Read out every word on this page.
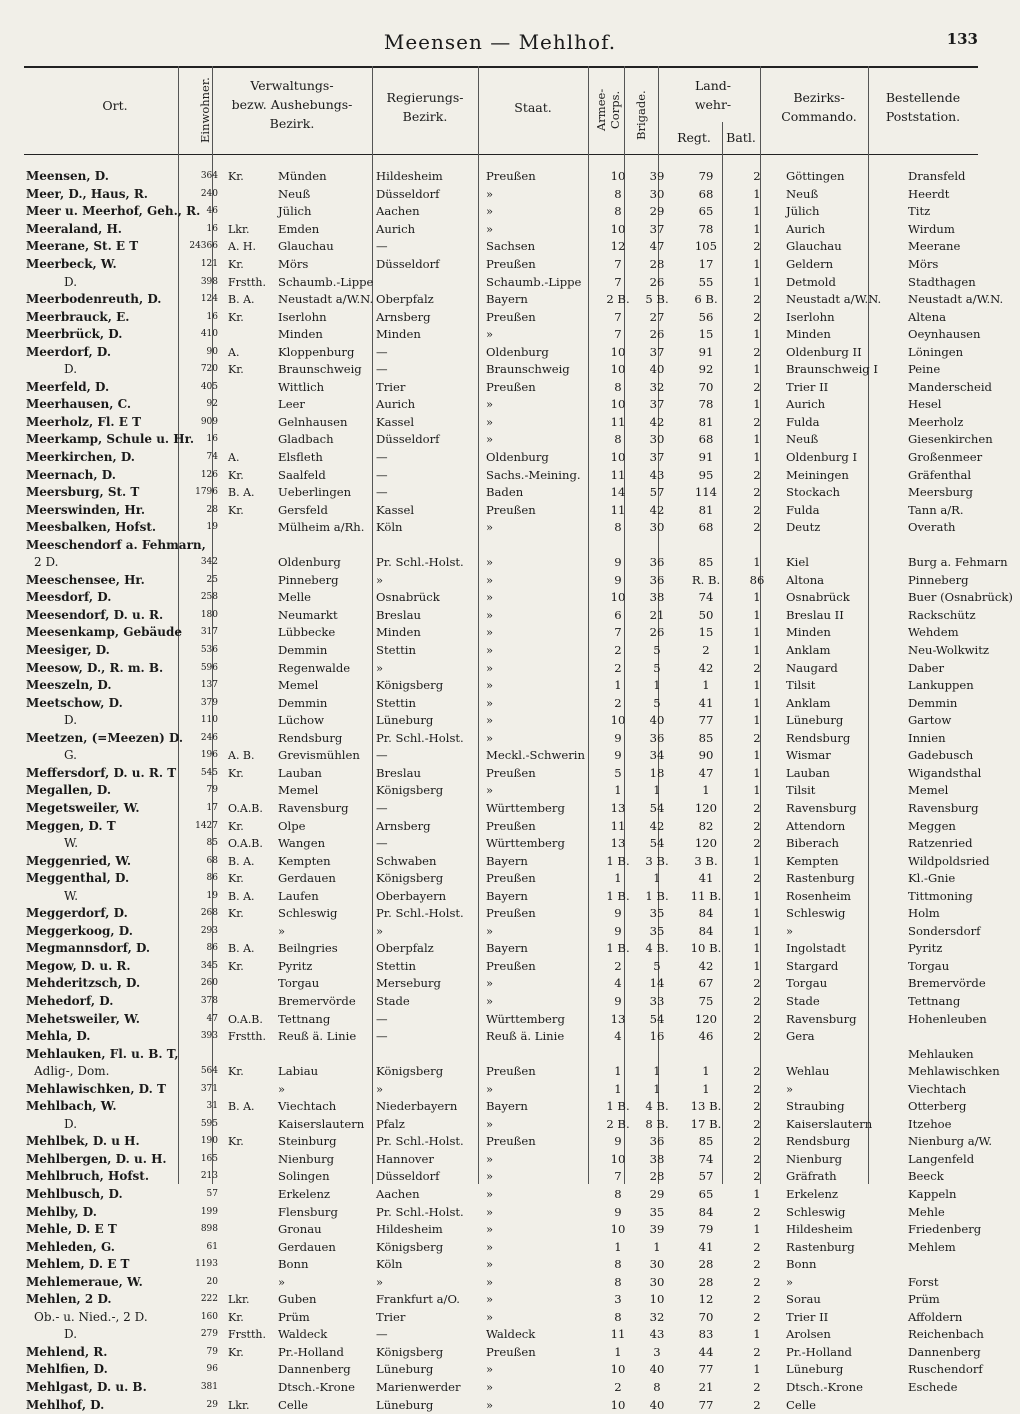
Meensen — Mehlhof.	133
Ort.	Einwohner.	Verwaltungs-
bezw. Aushebungs-
Bezirk.
Regierungs-
Bezirk.
Staat.	Armee-Corps. Brigade.
Land-
wehr-
Regt.	Batl.
Bezirks-
Commando.
Bestellende
Poststation.
Meensen, D.	364	Kr.	Münden	Hildesheim	Preußen	10	39	79	2	Göttingen	Dransfeld
Meer, D., Haus, R.	240		Neuß	Düsseldorf	»	8	30	68	1	Neuß	Heerdt
Meer u. Meerhof, Geh., R.	46		Jülich	Aachen	»	8	29	65	1	Jülich	Titz
Meeraland, H.	16	Lkr.	Emden	Aurich	»	10	37	78	1	Aurich	Wirdum
Meerane, St. E T	24366	A. H.	Glauchau	—	Sachsen	12	47	105	2	Glauchau	Meerane
Meerbeck, W.	121	Kr.	Mörs	Düsseldorf	Preußen	7	28	17	1	Geldern	Mörs
D.	398	Frstth.	Schaumb.-Lippe		Schaumb.-Lippe	7	26	55	1	Detmold	Stadthagen
Meerbodenreuth, D.	124	B. A.	Neustadt a/W.N.	Oberpfalz	Bayern	2 B.	5 B.	6 B.	2	Neustadt a/W.N.	Neustadt a/W.N.
Meerbrauck, E.	16	Kr.	Iserlohn	Arnsberg	Preußen	7	27	56	2	Iserlohn	Altena
Meerbrück, D.	410		Minden	Minden	»	7	26	15	1	Minden	Oeynhausen
Meerdorf, D.	90	A.	Kloppenburg	—	Oldenburg	10	37	91	2	Oldenburg II	Löningen
D.	720	Kr.	Braunschweig	—	Braunschweig	10	40	92	1	Braunschweig I	Peine
Meerfeld, D.	405		Wittlich	Trier	Preußen	8	32	70	2	Trier II	Manderscheid
Meerhausen, C.	92		Leer	Aurich	»	10	37	78	1	Aurich	Hesel
Meerholz, Fl. E T	909		Gelnhausen	Kassel	»	11	42	81	2	Fulda	Meerholz
Meerkamp, Schule u. Hr.	16		Gladbach	Düsseldorf	»	8	30	68	1	Neuß	Giesenkirchen
Meerkirchen, D.	74	A.	Elsfleth	—	Oldenburg	10	37	91	1	Oldenburg I	Großenmeer
Meernach, D.	126	Kr.	Saalfeld	—	Sachs.-Meining.	11	43	95	2	Meiningen	Gräfenthal
Meersburg, St. T	1796	B. A.	Ueberlingen	—	Baden	14	57	114	2	Stockach	Meersburg
Meerswinden, Hr.	28	Kr.	Gersfeld	Kassel	Preußen	11	42	81	2	Fulda	Tann a/R.
Meesbalken, Hofst.	19		Mülheim a/Rh.	Köln	»	8	30	68	2	Deutz	Overath
Meeschendorf a. Fehmarn,											
2 D.	342		Oldenburg	Pr. Schl.-Holst.	»	9	36	85	1	Kiel	Burg a. Fehmarn
Meeschensee, Hr.	25		Pinneberg	»	»	9	36	R. B.	86	Altona	Pinneberg
Meesdorf, D.	258		Melle	Osnabrück	»	10	38	74	1	Osnabrück	Buer (Osnabrück)
Meesendorf, D. u. R.	180		Neumarkt	Breslau	»	6	21	50	1	Breslau II	Rackschütz
Meesenkamp, Gebäude	317		Lübbecke	Minden	»	7	26	15	1	Minden	Wehdem
Meesiger, D.	536		Demmin	Stettin	»	2	5	2	1	Anklam	Neu-Wolkwitz
Meesow, D., R. m. B.	596		Regenwalde	»	»	2	5	42	2	Naugard	Daber
Meeszeln, D.	137		Memel	Königsberg	»	1	1	1	1	Tilsit	Lankuppen
Meetschow, D.	379		Demmin	Stettin	»	2	5	41	1	Anklam	Demmin
D.	110		Lüchow	Lüneburg	»	10	40	77	1	Lüneburg	Gartow
Meetzen, (=Meezen) D.	246		Rendsburg	Pr. Schl.-Holst.	»	9	36	85	2	Rendsburg	Innien
G.	196	A. B.	Grevismühlen	—	Meckl.-Schwerin	9	34	90	1	Wismar	Gadebusch
Meffersdorf, D. u. R. T	545	Kr.	Lauban	Breslau	Preußen	5	18	47	1	Lauban	Wigandsthal
Megallen, D.	79		Memel	Königsberg	»	1	1	1	1	Tilsit	Memel
Megetsweiler, W.	17	O.A.B.	Ravensburg	—	Württemberg	13	54	120	2	Ravensburg	Ravensburg
Meggen, D. T	1427	Kr.	Olpe	Arnsberg	Preußen	11	42	82	2	Attendorn	Meggen
W.	85	O.A.B.	Wangen	—	Württemberg	13	54	120	2	Biberach	Ratzenried
Meggenried, W.	68	B. A.	Kempten	Schwaben	Bayern	1 B.	3 B.	3 B.	1	Kempten	Wildpoldsried
Meggenthal, D.	86	Kr.	Gerdauen	Königsberg	Preußen	1	1	41	2	Rastenburg	Kl.-Gnie
W.	19	B. A.	Laufen	Oberbayern	Bayern	1 B.	1 B.	11 B.	1	Rosenheim	Tittmoning
Meggerdorf, D.	268	Kr.	Schleswig	Pr. Schl.-Holst.	Preußen	9	35	84	1	Schleswig	Holm
Meggerkoog, D.	293		»	»	»	9	35	84	1	»	Sondersdorf
Megmannsdorf, D.	86	B. A.	Beilngries	Oberpfalz	Bayern	1 B.	4 B.	10 B.	1	Ingolstadt	Pyritz
Megow, D. u. R.	345	Kr.	Pyritz	Stettin	Preußen	2	5	42	1	Stargard	Torgau
Mehderitzsch, D.	260		Torgau	Merseburg	»	4	14	67	2	Torgau	Bremervörde
Mehedorf, D.	378		Bremervörde	Stade	»	9	33	75	2	Stade	Tettnang
Mehetsweiler, W.	47	O.A.B.	Tettnang	—	Württemberg	13	54	120	2	Ravensburg	Hohenleuben
Mehla, D.	393	Frstth.	Reuß ä. Linie	—	Reuß ä. Linie	4	16	46	2	Gera	
Mehlauken, Fl. u. B. T,											Mehlauken
Adlig-, Dom.	564	Kr.	Labiau	Königsberg	Preußen	1	1	1	2	Wehlau	Mehlawischken
Mehlawischken, D. T	371		»	»	»	1	1	1	2	»	Viechtach
Mehlbach, W.	31	B. A.	Viechtach	Niederbayern	Bayern	1 B.	4 B.	13 B.	2	Straubing	Otterberg
D.	595		Kaiserslautern	Pfalz	»	2 B.	8 B.	17 B.	2	Kaiserslautern	Itzehoe
Mehlbek, D. u H.	190	Kr.	Steinburg	Pr. Schl.-Holst.	Preußen	9	36	85	2	Rendsburg	Nienburg a/W.
Mehlbergen, D. u. H.	165		Nienburg	Hannover	»	10	38	74	2	Nienburg	Langenfeld
Mehlbruch, Hofst.	213		Solingen	Düsseldorf	»	7	28	57	2	Gräfrath	Beeck
Mehlbusch, D.	57		Erkelenz	Aachen	»	8	29	65	1	Erkelenz	Kappeln
Mehlby, D.	199		Flensburg	Pr. Schl.-Holst.	»	9	35	84	2	Schleswig	Mehle
Mehle, D. E T	898		Gronau	Hildesheim	»	10	39	79	1	Hildesheim	Friedenberg
Mehleden, G.	61		Gerdauen	Königsberg	»	1	1	41	2	Rastenburg	Mehlem
Mehlem, D. E T	1193		Bonn	Köln	»	8	30	28	2	Bonn	
Mehlemeraue, W.	20		»	»	»	8	30	28	2	»	Forst
Mehlen, 2 D.	222	Lkr.	Guben	Frankfurt a/O.	»	3	10	12	2	Sorau	Prüm
Ob.- u. Nied.-, 2 D.	160	Kr.	Prüm	Trier	»	8	32	70	2	Trier II	Affoldern
D.	279	Frstth.	Waldeck	—	Waldeck	11	43	83	1	Arolsen	Reichenbach
Mehlend, R.	79	Kr.	Pr.-Holland	Königsberg	Preußen	1	3	44	2	Pr.-Holland	Dannenberg
Mehlfien, D.	96		Dannenberg	Lüneburg	»	10	40	77	1	Lüneburg	Ruschendorf
Mehlgast, D. u. B.	381		Dtsch.-Krone	Marienwerder	»	2	8	21	2	Dtsch.-Krone	Eschede
Mehlhof, D.	29	Lkr.	Celle	Lüneburg	»	10	40	77	2	Celle	
